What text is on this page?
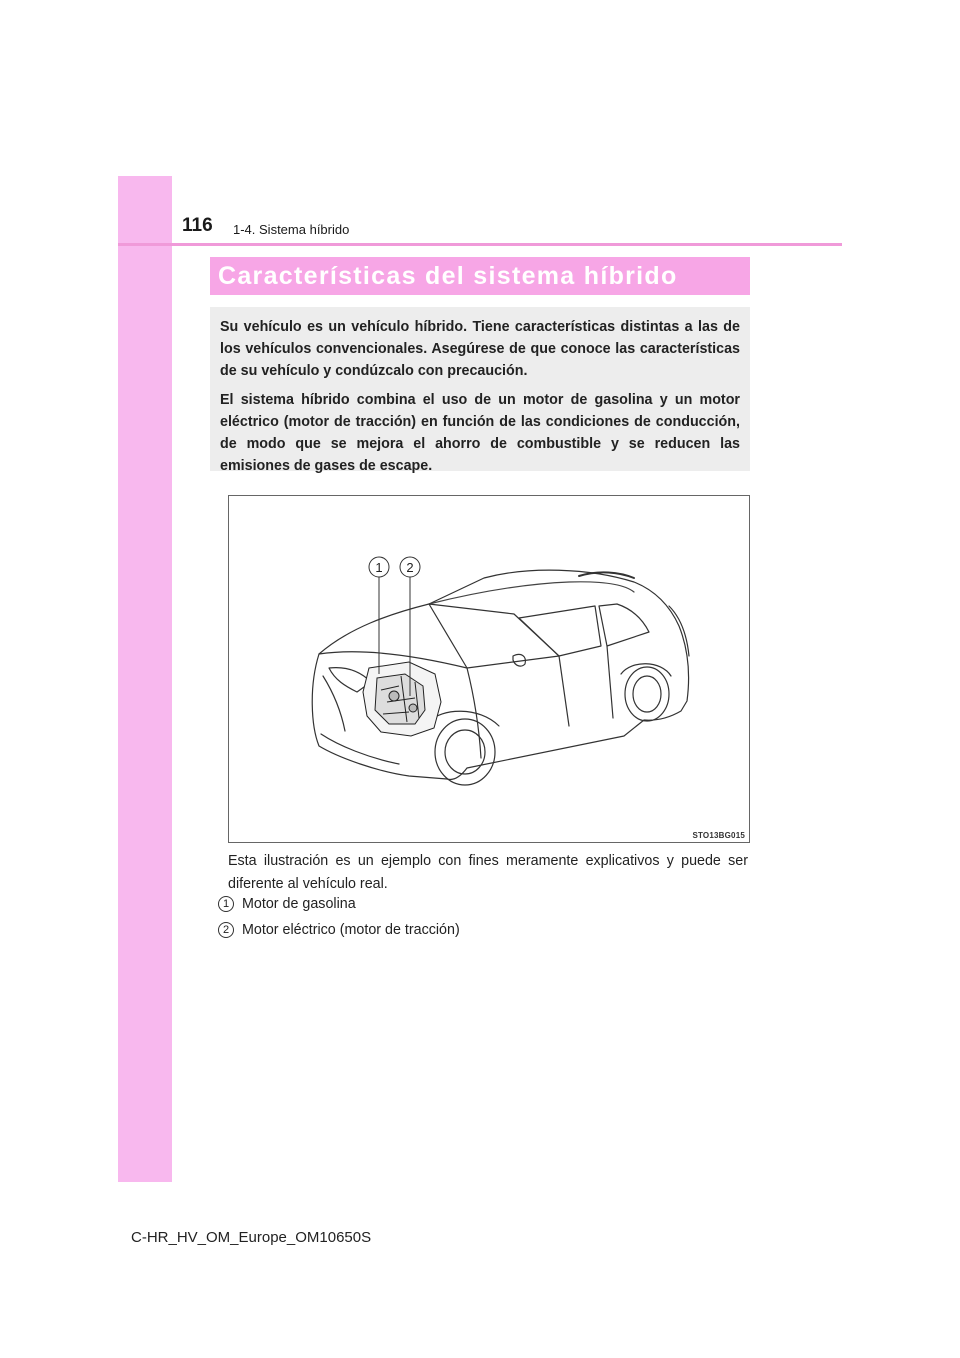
116 1-4. Sistema híbrido
Características del sistema híbrido

Su vehículo es un vehículo híbrido. Tiene características distintas a las de los vehículos convencionales. Asegúrese de que conoce las características de su vehículo y condúzcalo con precaución.

El sistema híbrido combina el uso de un motor de gasolina y un motor eléctrico (motor de tracción) en función de las condiciones de conducción, de modo que se mejora el ahorro de combustible y se reducen las emisiones de gases de escape.

1 2
STO13BG015

Esta ilustración es un ejemplo con fines meramente explicativos y puede ser diferente al vehículo real.

1 Motor de gasolina
2 Motor eléctrico (motor de tracción)
C-HR_HV_OM_Europe_OM10650S
